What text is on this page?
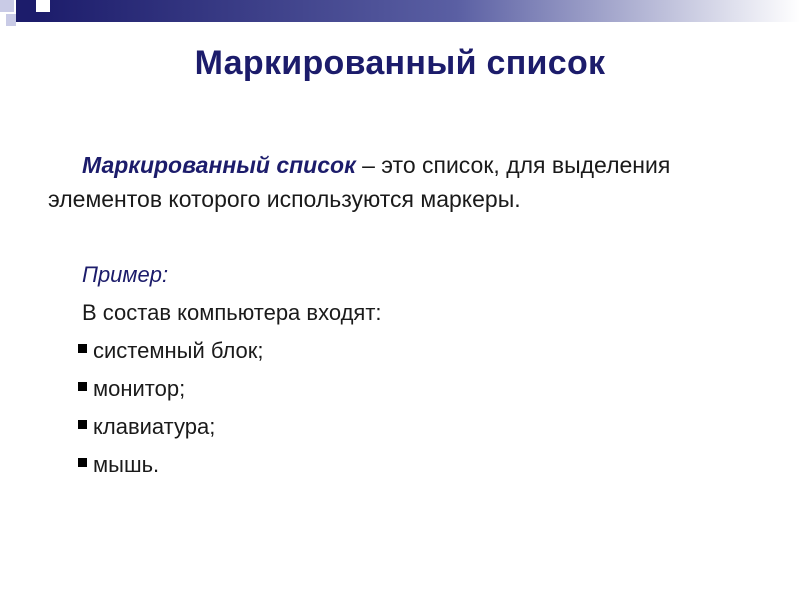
Маркированный список
Маркированный список – это список, для выделения элементов которого используются маркеры.
Пример:
В состав компьютера входят:
системный блок;
монитор;
клавиатура;
мышь.
